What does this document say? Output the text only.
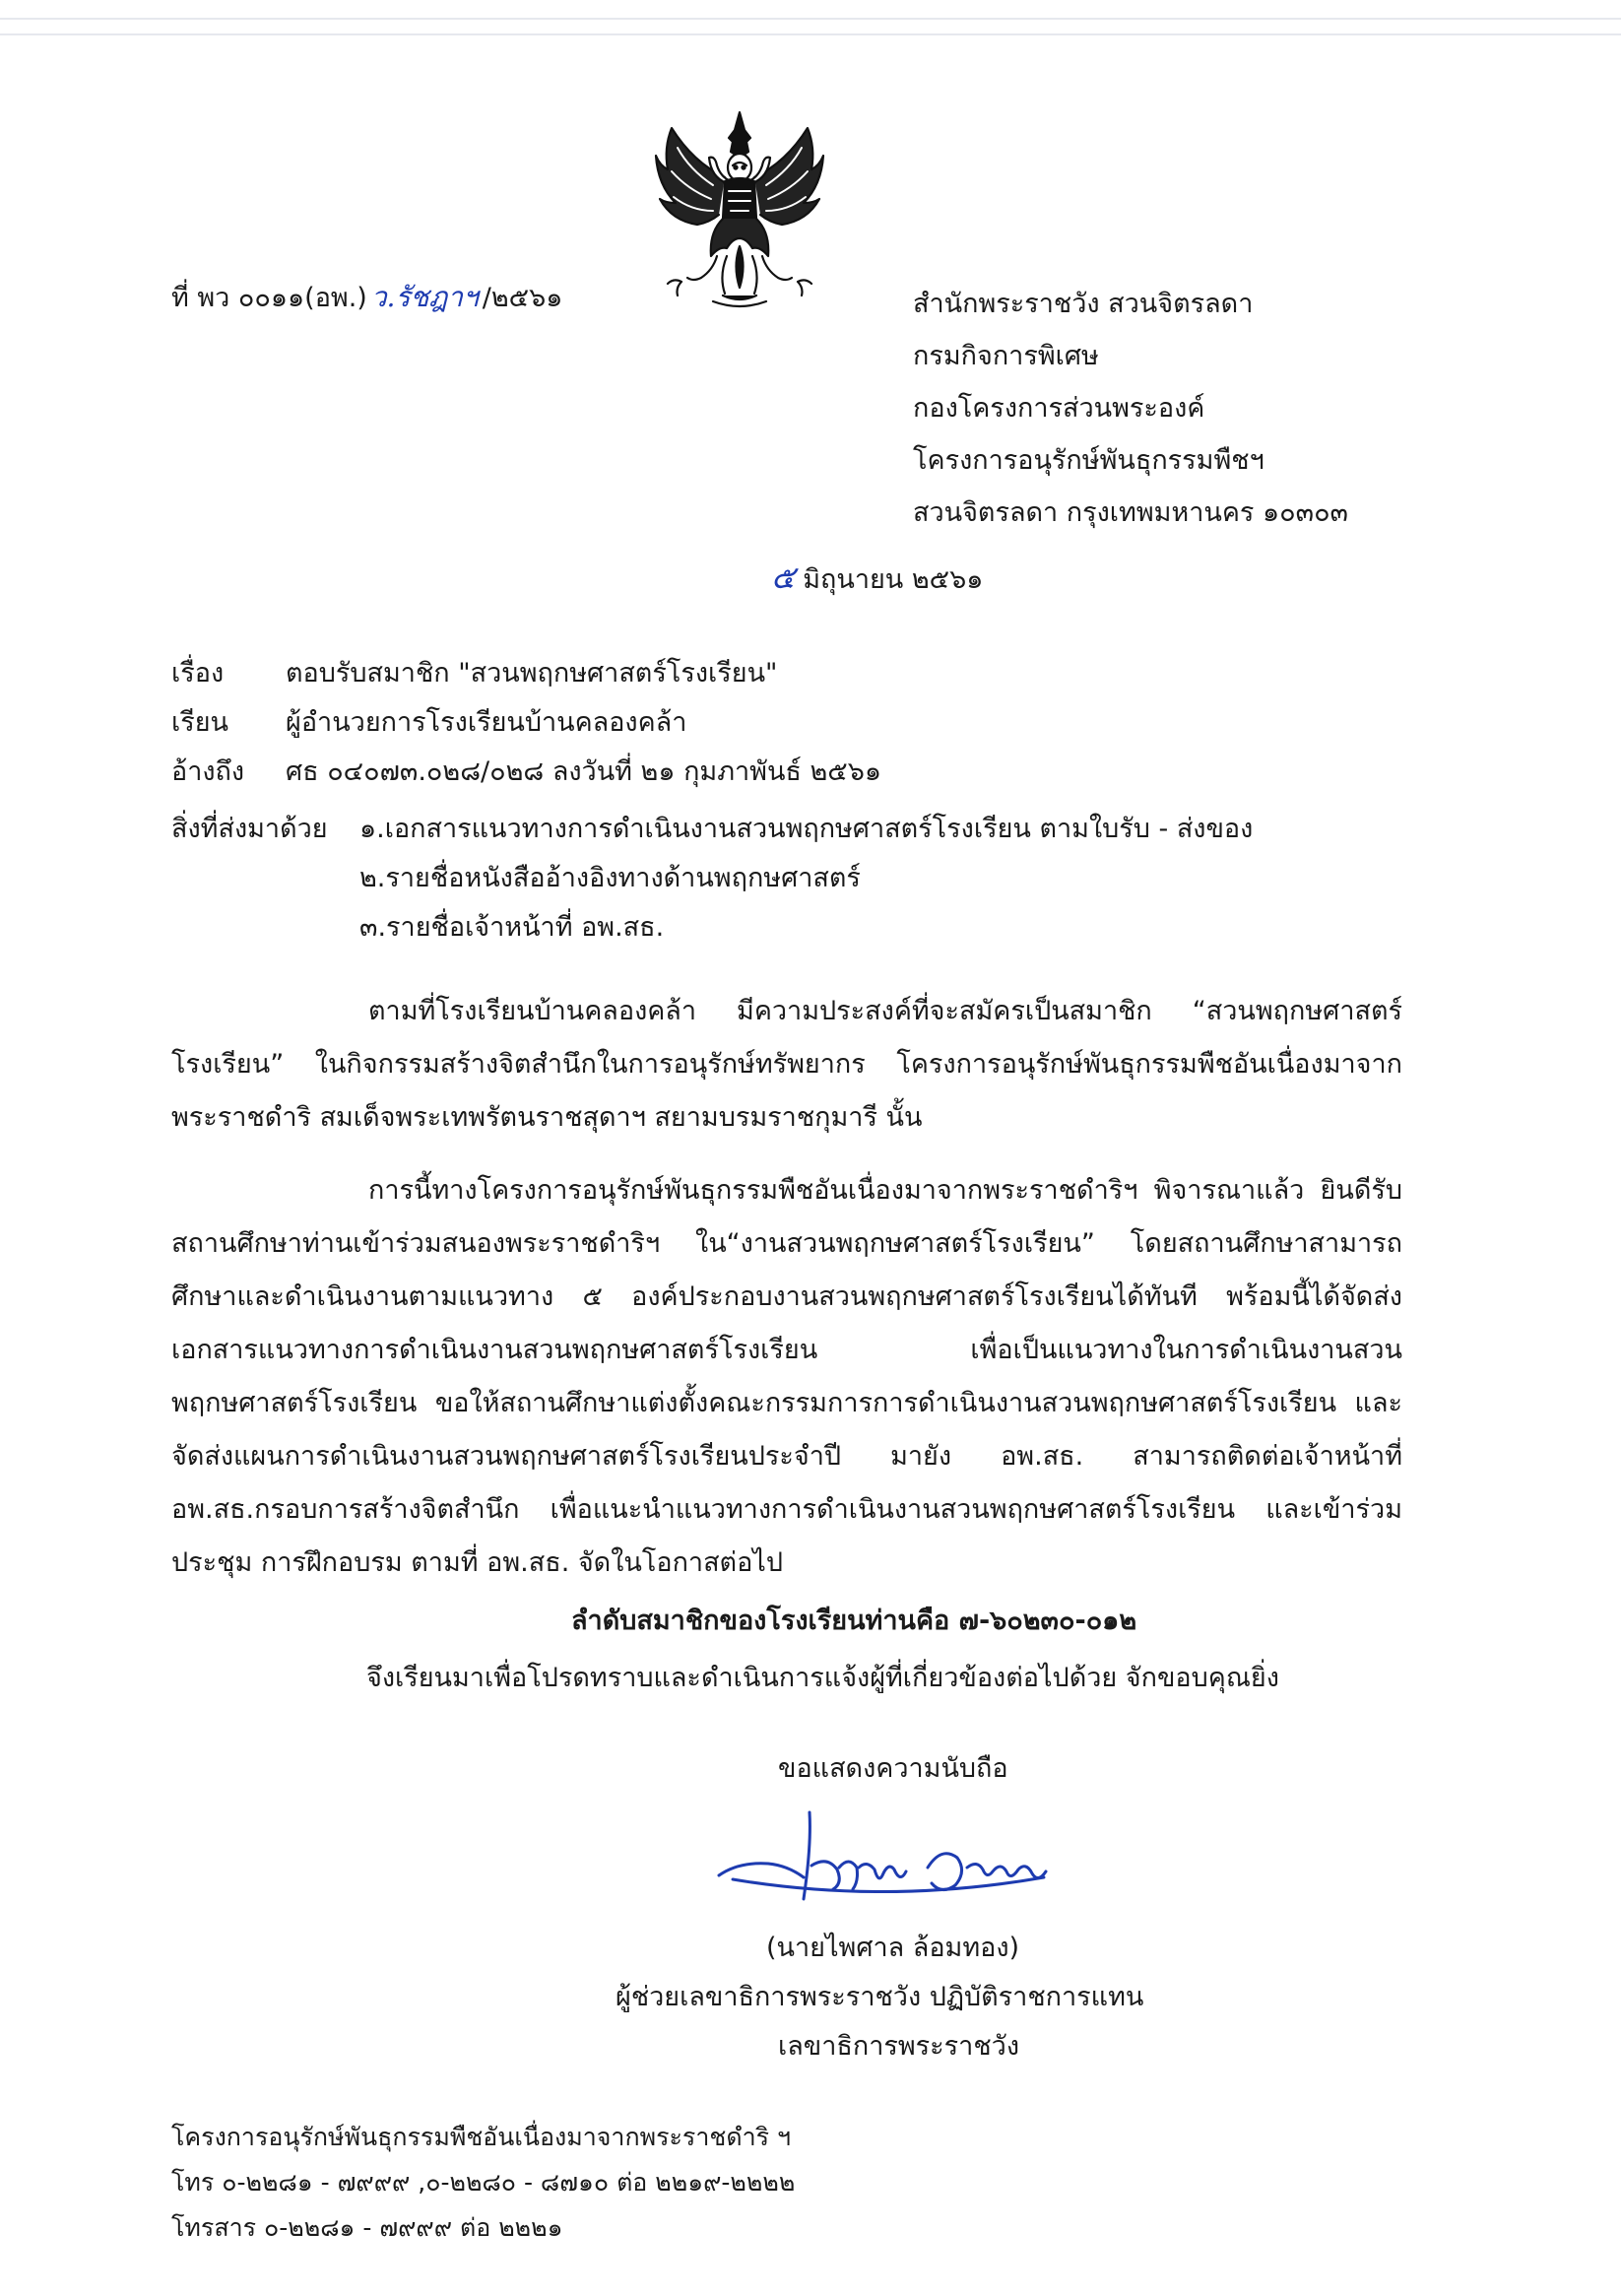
ที่ พว ๐๐๑๑(อพ.) ว.รัชฎาฯ /๒๕๖๑	สำนักพระราชวัง สวนจิตรลดา
กรมกิจการพิเศษ
กองโครงการส่วนพระองค์
โครงการอนุรักษ์พันธุกรรมพืชฯ
สวนจิตรลดา กรุงเทพมหานคร ๑๐๓๐๓
๕ มิถุนายน ๒๕๖๑
เรื่อง ตอบรับสมาชิก "สวนพฤกษศาสตร์โรงเรียน"
เรียน ผู้อำนวยการโรงเรียนบ้านคลองคล้า
อ้างถึง ศธ ๐๔๐๗๓.๐๒๘/๐๒๘ ลงวันที่ ๒๑ กุมภาพันธ์ ๒๕๖๑
สิ่งที่ส่งมาด้วย ๑.เอกสารแนวทางการดำเนินงานสวนพฤกษศาสตร์โรงเรียน ตามใบรับ - ส่งของ
๒.รายชื่อหนังสืออ้างอิงทางด้านพฤกษศาสตร์
๓.รายชื่อเจ้าหน้าที่ อพ.สธ.
ตามที่โรงเรียนบ้านคลองคล้า มีความประสงค์ที่จะสมัครเป็นสมาชิก “สวนพฤกษศาสตร์โรงเรียน” ในกิจกรรมสร้างจิตสำนึกในการอนุรักษ์ทรัพยากร โครงการอนุรักษ์พันธุกรรมพืชอันเนื่องมาจากพระราชดำริ สมเด็จพระเทพรัตนราชสุดาฯ สยามบรมราชกุมารี นั้น
การนี้ทางโครงการอนุรักษ์พันธุกรรมพืชอันเนื่องมาจากพระราชดำริฯ พิจารณาแล้ว ยินดีรับสถานศึกษาท่านเข้าร่วมสนองพระราชดำริฯ ใน“งานสวนพฤกษศาสตร์โรงเรียน” โดยสถานศึกษาสามารถศึกษาและดำเนินงานตามแนวทาง ๕ องค์ประกอบงานสวนพฤกษศาสตร์โรงเรียนได้ทันที พร้อมนี้ได้จัดส่งเอกสารแนวทางการดำเนินงานสวนพฤกษศาสตร์โรงเรียน เพื่อเป็นแนวทางในการดำเนินงานสวนพฤกษศาสตร์โรงเรียน ขอให้สถานศึกษาแต่งตั้งคณะกรรมการการดำเนินงานสวนพฤกษศาสตร์โรงเรียน และจัดส่งแผนการดำเนินงานสวนพฤกษศาสตร์โรงเรียนประจำปี มายัง อพ.สธ. สามารถติดต่อเจ้าหน้าที่ อพ.สธ.กรอบการสร้างจิตสำนึก เพื่อแนะนำแนวทางการดำเนินงานสวนพฤกษศาสตร์โรงเรียน และเข้าร่วมประชุม การฝึกอบรม ตามที่ อพ.สธ. จัดในโอกาสต่อไป
ลำดับสมาชิกของโรงเรียนท่านคือ ๗-๖๐๒๓๐-๐๑๒
จึงเรียนมาเพื่อโปรดทราบและดำเนินการแจ้งผู้ที่เกี่ยวข้องต่อไปด้วย จักขอบคุณยิ่ง
ขอแสดงความนับถือ
(นายไพศาล ล้อมทอง)
ผู้ช่วยเลขาธิการพระราชวัง ปฏิบัติราชการแทน
เลขาธิการพระราชวัง
โครงการอนุรักษ์พันธุกรรมพืชอันเนื่องมาจากพระราชดำริ ฯ
โทร ๐-๒๒๘๑ - ๗๙๙๙ ,๐-๒๒๘๐ - ๘๗๑๐ ต่อ ๒๒๑๙-๒๒๒๒
โทรสาร ๐-๒๒๘๑ - ๗๙๙๙ ต่อ ๒๒๒๑
